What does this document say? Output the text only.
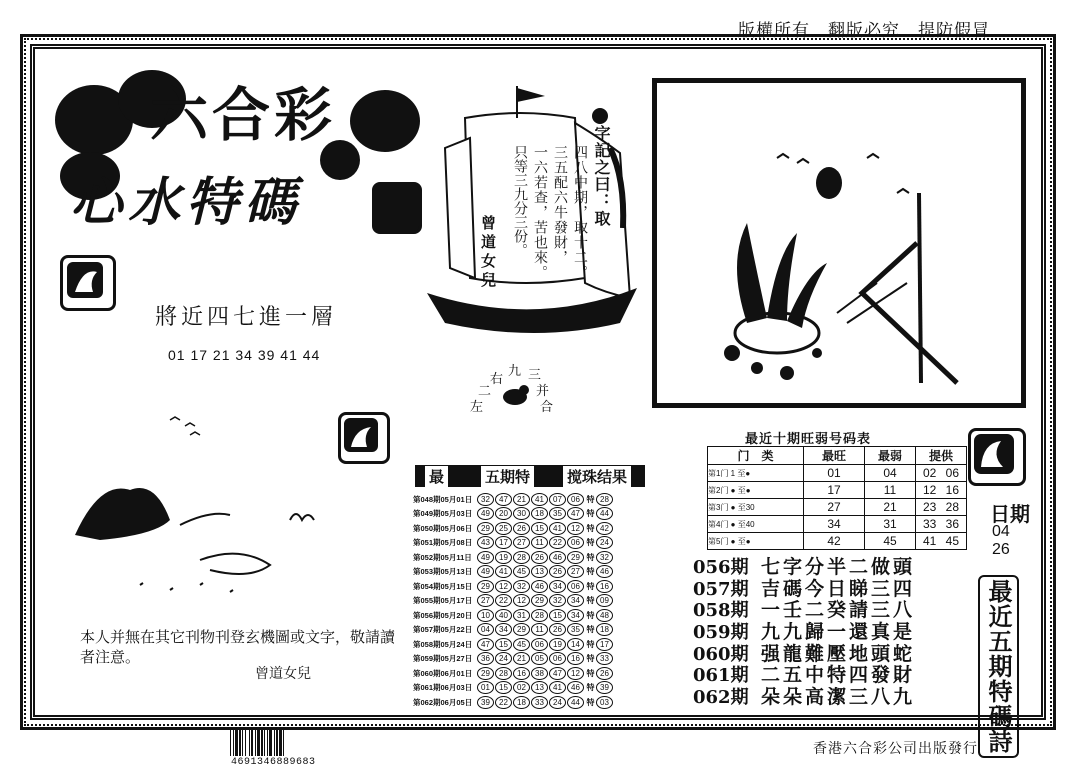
版權所有　翻版必究　提防假冒
六合彩
心水特碼
將近四七進一層
01 17 21 34 39 41 44
曾道女兒
字記之曰：取
四八中期，取十二。
三五配六牛發財，
一六若查，苦也來。
只等三九分三份。
九 三
右
二	并
左	合
本人并無在其它刊物刊登玄機圖或文字，敬請讀者注意。
曾道女兒
最	五期特 搅珠结果
第048期05月01日	32	47	21	41	07	06 特 28
第049期05月03日	49	20	30	18	35	47 特 44
第050期05月06日	29	25	26	15	41	12 特 42
第051期05月08日	43	17	27	11	22	06 特 24
第052期05月11日	49	19	28	26	46	29 特 32
第053期05月13日	49	41	45	13	26	27 特 46
第054期05月15日	29	12	32	46	34	06 特 16
第055期05月17日	27	22	12	29	32	34 特 09
第056期05月20日	10	40	31	28	15	34 特 48
第057期05月22日	04	34	29	11	26	35 特 18
第058期05月24日	47	15	45	06	19	14 特 17
第059期05月27日	36	24	21	05	06	16 特 33
第060期06月01日	29	28	16	38	47	12 特 26
第061期06月03日	01	15	02	13	41	46 特 39
第062期06月05日	39	22	18	33	24	44 特 03
最近十期旺弱号码表
门　类	最旺	最弱	提供
第1门 1 至●	01	04	02 06
第2门 ● 至●	17	11	12 16
第3门 ● 至30	27	21	23 28
第4门 ● 至40	34	31	33 36
第5门 ● 至●	42	45	41 45
056期 七字分半二做頭
057期 吉碼今日睇三四
058期 一壬二癸請三八
059期 九九歸一還真是
060期 强龍難壓地頭蛇
061期 二五中特四發財
062期 朵朵高潔三八九
日期
04
26
最近五期特碼詩
4691346889683
香港六合彩公司出版發行
